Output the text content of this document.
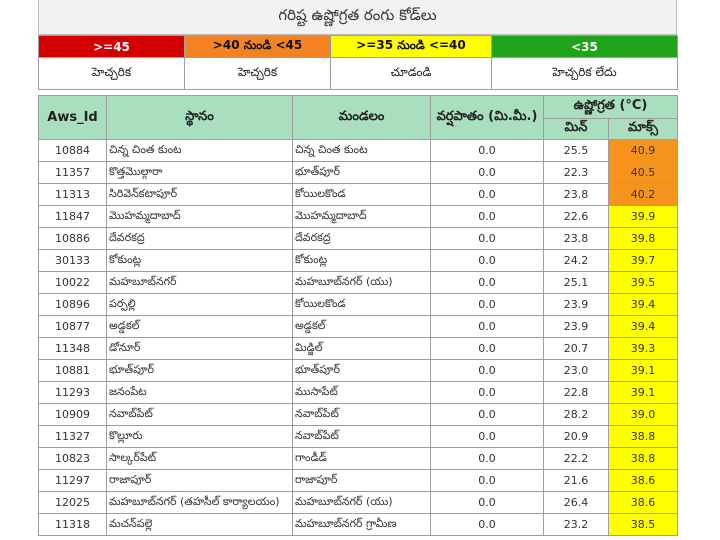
గరిష్ట ఉష్ణోగ్రత రంగు కోడ్‌లు
>=45	>40 నుండి <45	>=35 నుండి <=40	<35
హెచ్చరిక	హెచ్చరిక	చూడండి	హెచ్చరిక లేదు
Aws_Id	స్థానం	మండలం	వర్షపాతం (మి.మీ.)	ఉష్ణోగ్రత (°C)	
				మిన్	మాక్స్
10884	చిన్న చింత కుంట	చిన్న చింత కుంట	0.0	25.5	40.9
11357	కొత్తమొల్గారా	భూత్‌పూర్	0.0	22.3	40.5
11313	సిరివెన్‌కటాపూర్	కోయిలకొండ	0.0	23.8	40.2
11847	మొహమ్మదాబాద్	మొహమ్మదాబాద్	0.0	22.6	39.9
10886	దేవరకద్ర	దేవరకద్ర	0.0	23.8	39.8
30133	కోకుంట్ల	కోకుంట్ల	0.0	24.2	39.7
10022	మహబూబ్‌నగర్	మహబూబ్‌నగర్ (యు)	0.0	25.1	39.5
10896	పర్పల్లి	కోయిలకొండ	0.0	23.9	39.4
10877	అడ్డకల్	అడ్డకల్	0.0	23.9	39.4
11348	డోనూర్	మిడ్జిల్	0.0	20.7	39.3
10881	భూత్‌పూర్	భూత్‌పూర్	0.0	23.0	39.1
11293	జనంపేట	ముసాపేట్	0.0	22.8	39.1
10909	నవాబ్‌పేట్	నవాబ్‌పేట్	0.0	28.2	39.0
11327	కొల్లూరు	నవాబ్‌పేట్	0.0	20.9	38.8
10823	సాల్కర్‌పేట్	గాండీడ్	0.0	22.2	38.8
11297	రాజాపూర్	రాజాపూర్	0.0	21.6	38.6
12025	మహబూబ్‌నగర్ (తహసీల్ కార్యాలయం)	మహబూబ్‌నగర్ (యు)	0.0	26.4	38.6
11318	మచన్‌పల్లె	మహబూబ్‌నగర్ గ్రామీణ	0.0	23.2	38.5
